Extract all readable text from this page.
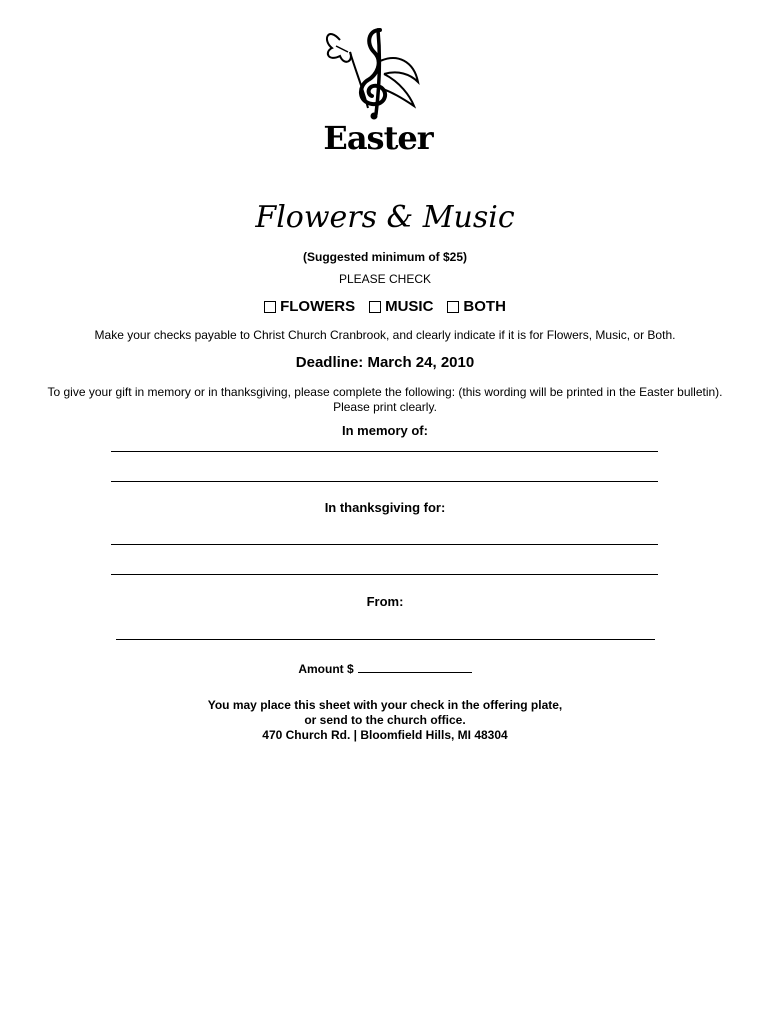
Easter
Flowers & Music
(Suggested minimum of $25)
PLEASE CHECK
FLOWERS MUSIC BOTH
Make your checks payable to Christ Church Cranbrook, and clearly indicate if it is for Flowers, Music, or Both.
Deadline: March 24, 2010
To give your gift in memory or in thanksgiving, please complete the following: (this wording will be printed in the Easter bulletin).
Please print clearly.
In memory of:
In thanksgiving for:
From:
Amount $
You may place this sheet with your check in the offering plate,
or send to the church office.
470 Church Rd. | Bloomfield Hills, MI 48304
